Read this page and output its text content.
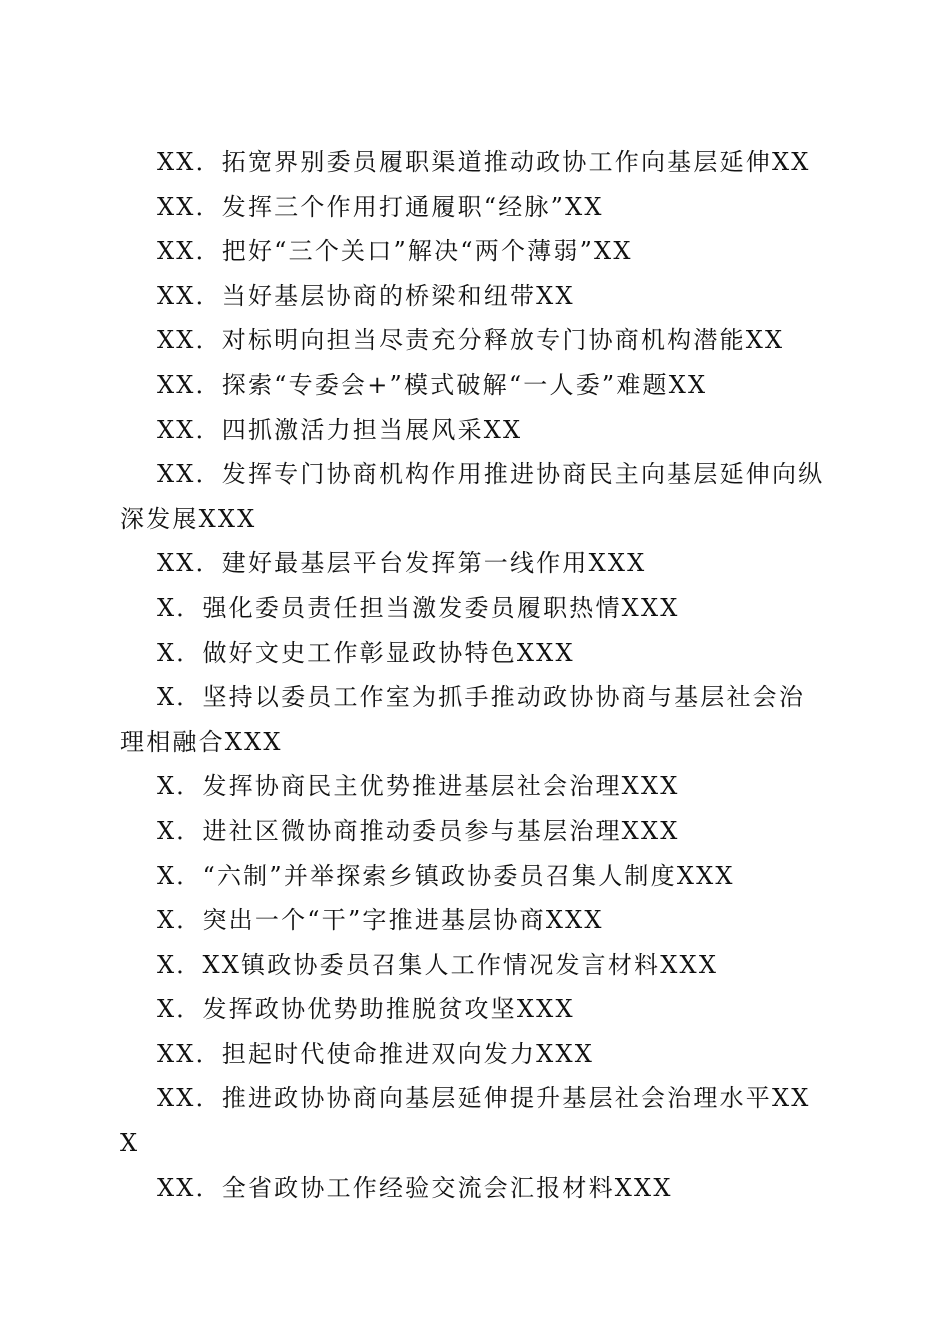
XX．拓宽界别委员履职渠道推动政协工作向基层延伸XX
XX．发挥三个作用打通履职“经脉”XX
XX．把好“三个关口”解决“两个薄弱”XX
XX．当好基层协商的桥梁和纽带XX
XX．对标明向担当尽责充分释放专门协商机构潜能XX
XX．探索“专委会+”模式破解“一人委”难题XX
XX．四抓激活力担当展风采XX
XX．发挥专门协商机构作用推进协商民主向基层延伸向纵深发展XXX
XX．建好最基层平台发挥第一线作用XXX
X．强化委员责任担当激发委员履职热情XXX
X．做好文史工作彰显政协特色XXX
X．坚持以委员工作室为抓手推动政协协商与基层社会治理相融合XXX
X．发挥协商民主优势推进基层社会治理XXX
X．进社区微协商推动委员参与基层治理XXX
X．“六制”并举探索乡镇政协委员召集人制度XXX
X．突出一个“干”字推进基层协商XXX
X．XX镇政协委员召集人工作情况发言材料XXX
X．发挥政协优势助推脱贫攻坚XXX
XX．担起时代使命推进双向发力XXX
XX．推进政协协商向基层延伸提升基层社会治理水平XXX
XX．全省政协工作经验交流会汇报材料XXX
